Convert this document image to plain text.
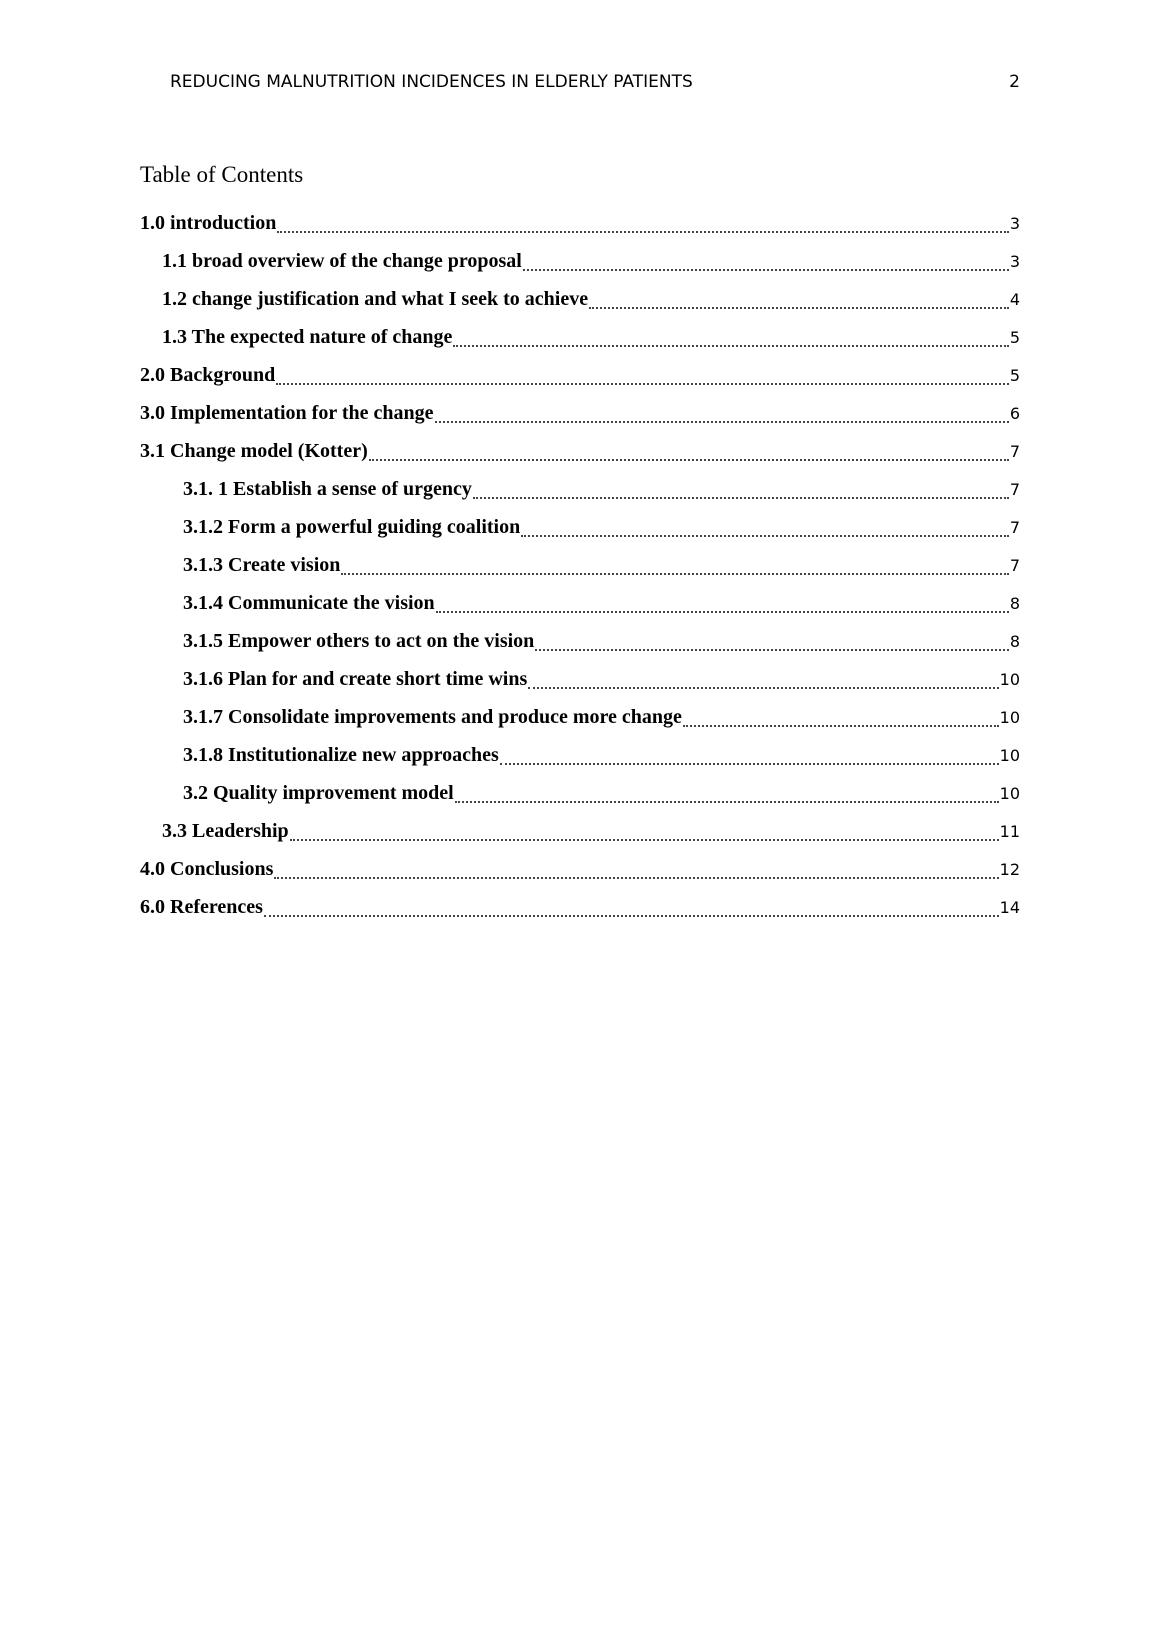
REDUCING MALNUTRITION INCIDENCES IN ELDERLY PATIENTS	2
Table of Contents
1.0 introduction	3
1.1 broad overview of the change proposal	3
1.2 change justification and what I seek to achieve	4
1.3 The expected nature of change	5
2.0 Background	5
3.0 Implementation for the change	6
3.1 Change model (Kotter)	7
3.1. 1 Establish a sense of urgency	7
3.1.2 Form a powerful guiding coalition	7
3.1.3 Create vision	7
3.1.4 Communicate the vision	8
3.1.5 Empower others to act on the vision	8
3.1.6 Plan for and create short time wins	10
3.1.7 Consolidate improvements and produce more change	10
3.1.8 Institutionalize new approaches	10
3.2 Quality improvement model	10
3.3 Leadership	11
4.0 Conclusions	12
6.0 References	14
